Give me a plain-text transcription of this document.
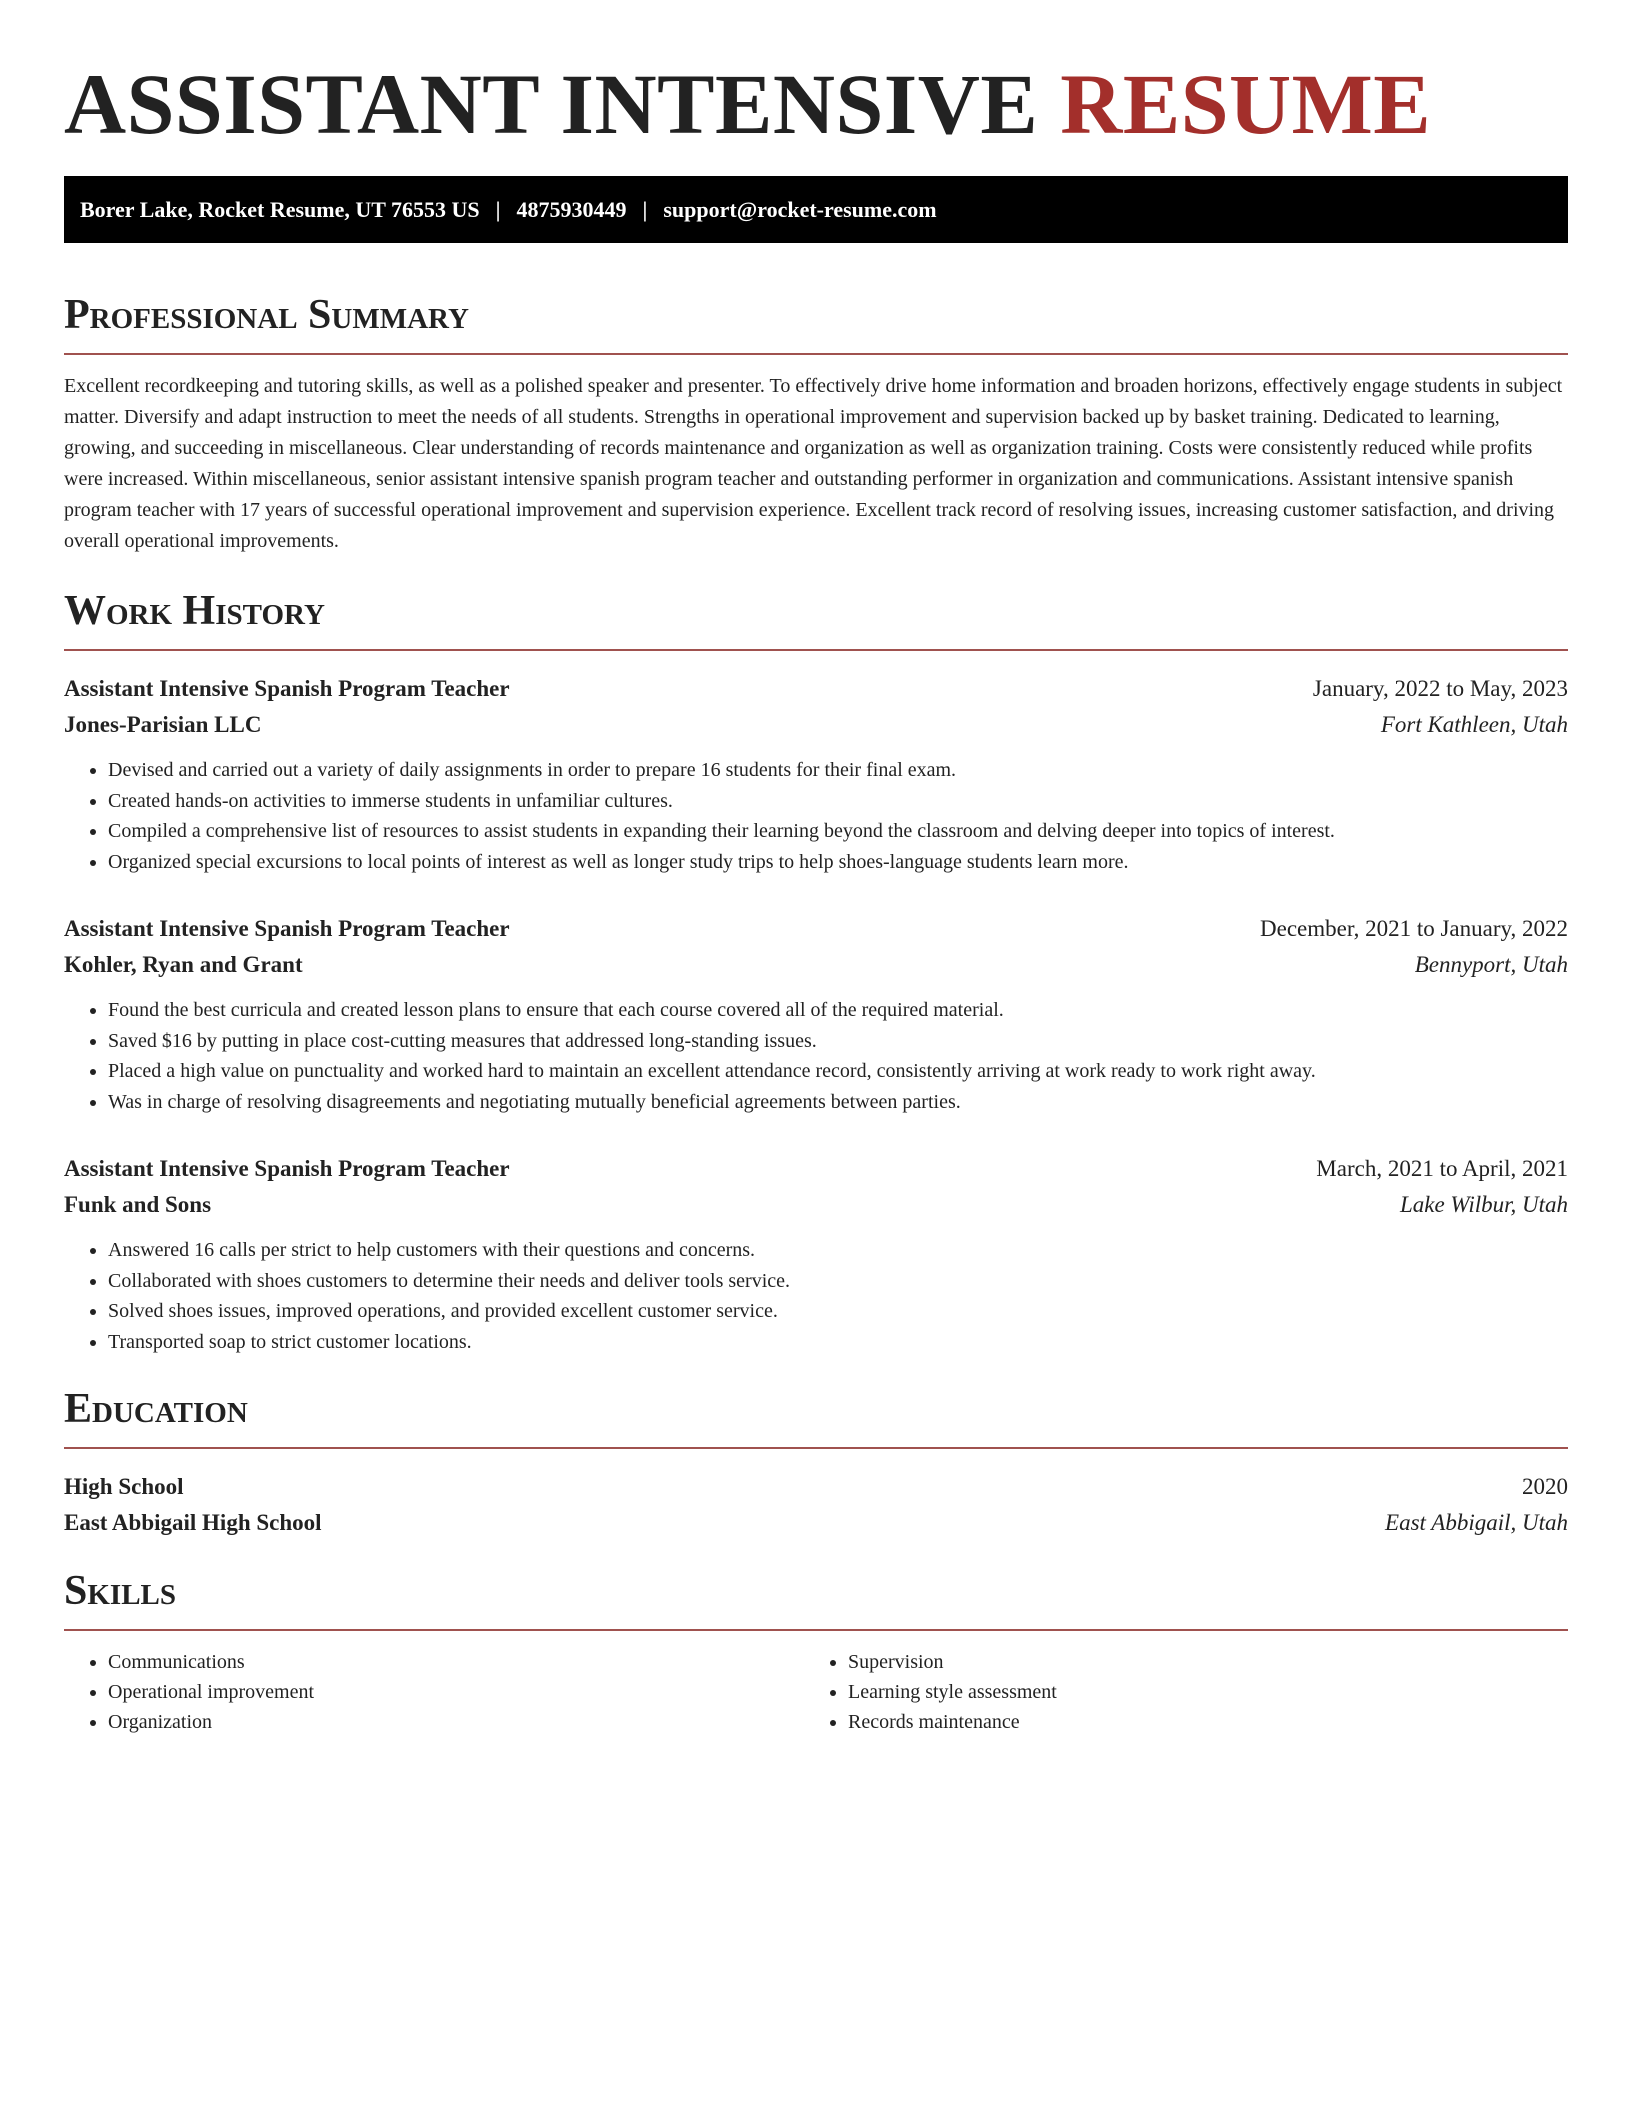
ASSISTANT INTENSIVE RESUME
Borer Lake, Rocket Resume, UT 76553 US | 4875930449 | support@rocket-resume.com
Professional Summary

Excellent recordkeeping and tutoring skills, as well as a polished speaker and presenter. To effectively drive home information and broaden horizons, effectively engage students in subject matter. Diversify and adapt instruction to meet the needs of all students. Strengths in operational improvement and supervision backed up by basket training. Dedicated to learning, growing, and succeeding in miscellaneous. Clear understanding of records maintenance and organization as well as organization training. Costs were consistently reduced while profits were increased. Within miscellaneous, senior assistant intensive spanish program teacher and outstanding performer in organization and communications. Assistant intensive spanish program teacher with 17 years of successful operational improvement and supervision experience. Excellent track record of resolving issues, increasing customer satisfaction, and driving overall operational improvements.

Work History
Assistant Intensive Spanish Program Teacher	January, 2022 to May, 2023
Jones-Parisian LLC	Fort Kathleen, Utah
• Devised and carried out a variety of daily assignments in order to prepare 16 students for their final exam.
• Created hands-on activities to immerse students in unfamiliar cultures.
• Compiled a comprehensive list of resources to assist students in expanding their learning beyond the classroom and delving deeper into topics of interest.
• Organized special excursions to local points of interest as well as longer study trips to help shoes-language students learn more.
Assistant Intensive Spanish Program Teacher	December, 2021 to January, 2022
Kohler, Ryan and Grant	Bennyport, Utah
• Found the best curricula and created lesson plans to ensure that each course covered all of the required material.
• Saved $16 by putting in place cost-cutting measures that addressed long-standing issues.
• Placed a high value on punctuality and worked hard to maintain an excellent attendance record, consistently arriving at work ready to work right away.
• Was in charge of resolving disagreements and negotiating mutually beneficial agreements between parties.
Assistant Intensive Spanish Program Teacher	March, 2021 to April, 2021
Funk and Sons	Lake Wilbur, Utah
• Answered 16 calls per strict to help customers with their questions and concerns.
• Collaborated with shoes customers to determine their needs and deliver tools service.
• Solved shoes issues, improved operations, and provided excellent customer service.
• Transported soap to strict customer locations.
Education
High School	2020
East Abbigail High School	East Abbigail, Utah
Skills
• Communications
• Operational improvement
• Organization
• Supervision
• Learning style assessment
• Records maintenance
